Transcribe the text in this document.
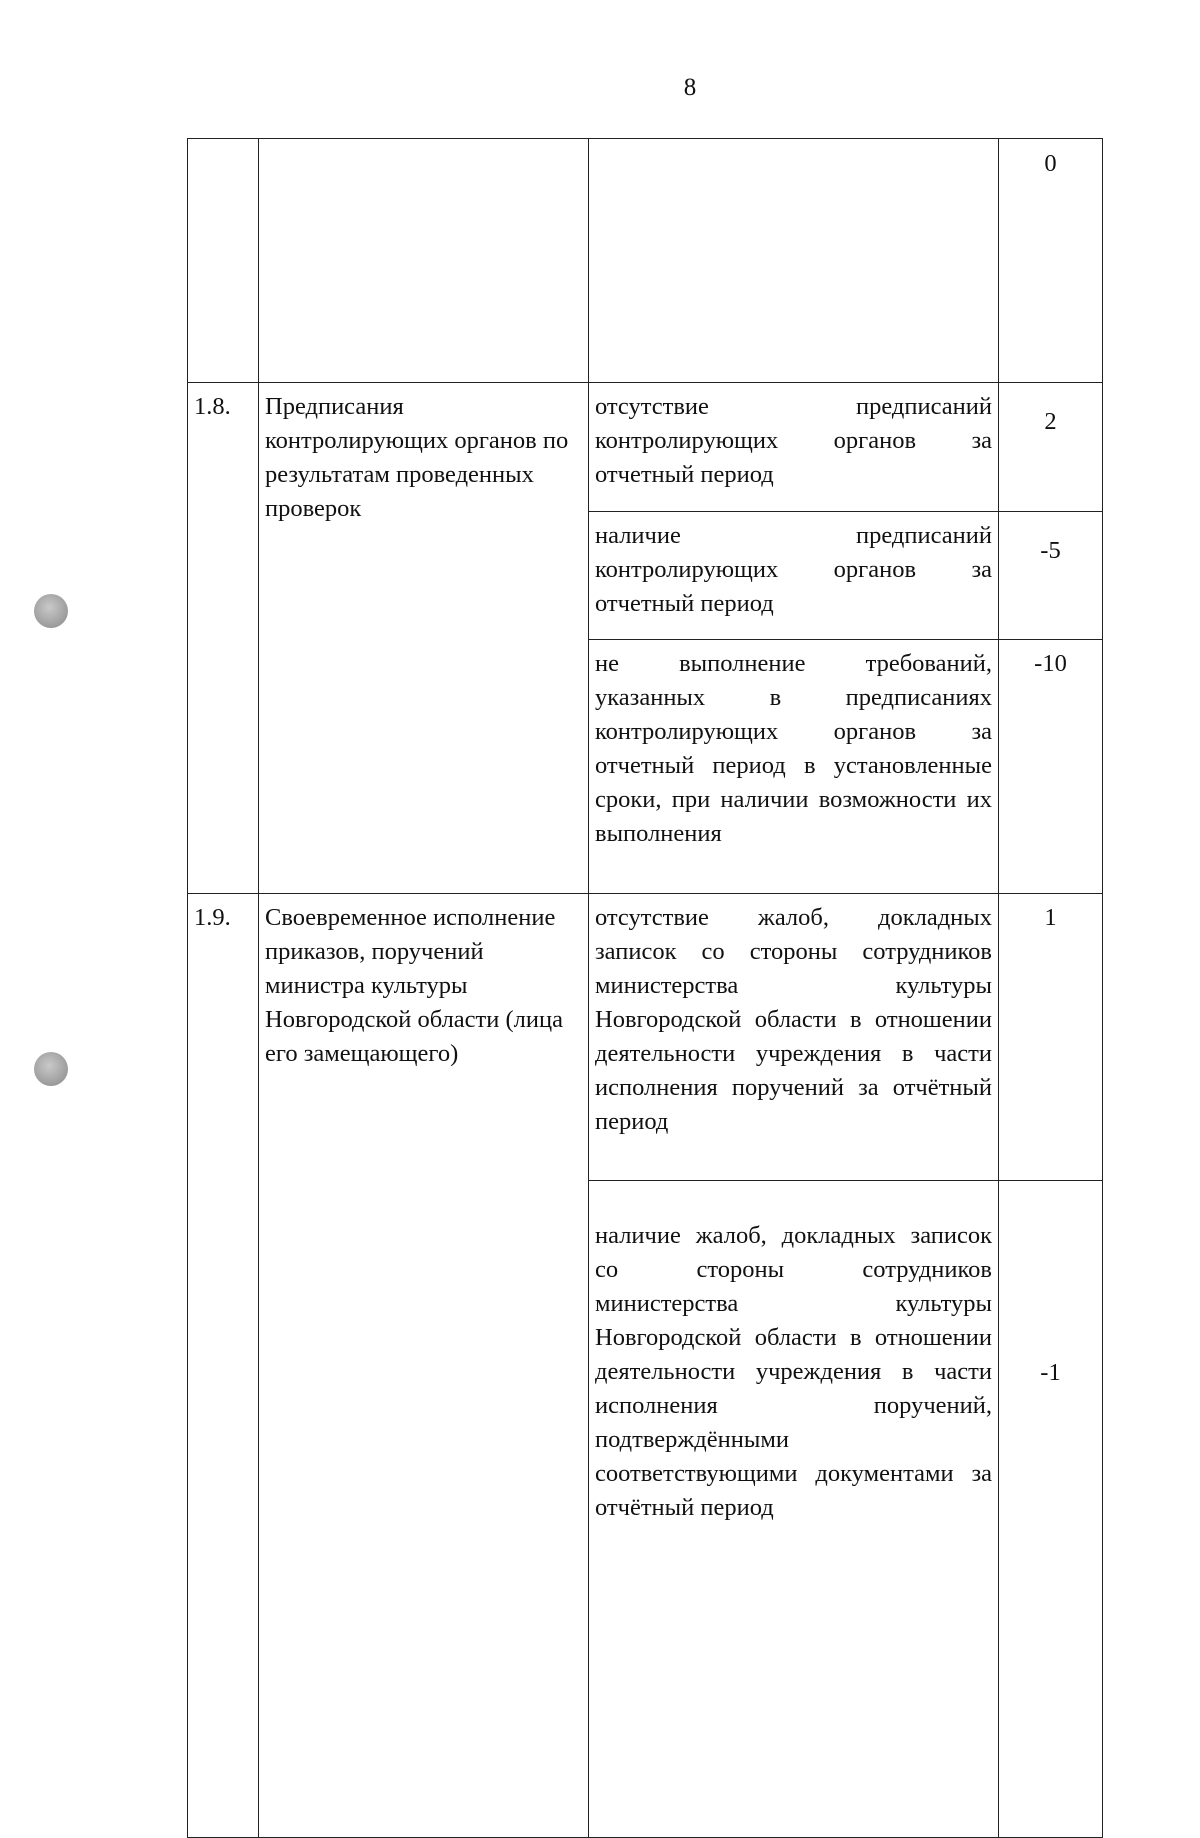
8
			0
1.8.	Предписания контролирующих органов по результатам проведенных проверок	отсутствие предписаний контролирующих органов за отчетный период	2
		наличие предписаний контролирующих органов за отчетный период	-5
		не выполнение требований, указанных в предписаниях контролирующих органов за отчетный период в установленные сроки, при наличии возможности их выполнения	-10
1.9.	Своевременное исполнение приказов, поручений министра культуры Новгородской области (лица его замещающего)	отсутствие жалоб, докладных записок со стороны сотрудников министерства культуры Новгородской области в отношении деятельности учреждения в части исполнения поручений за отчётный период	1
		наличие жалоб, докладных записок со стороны сотрудников министерства культуры Новгородской области в отношении деятельности учреждения в части исполнения поручений, подтверждёнными соответствующими документами за отчётный период	-1
